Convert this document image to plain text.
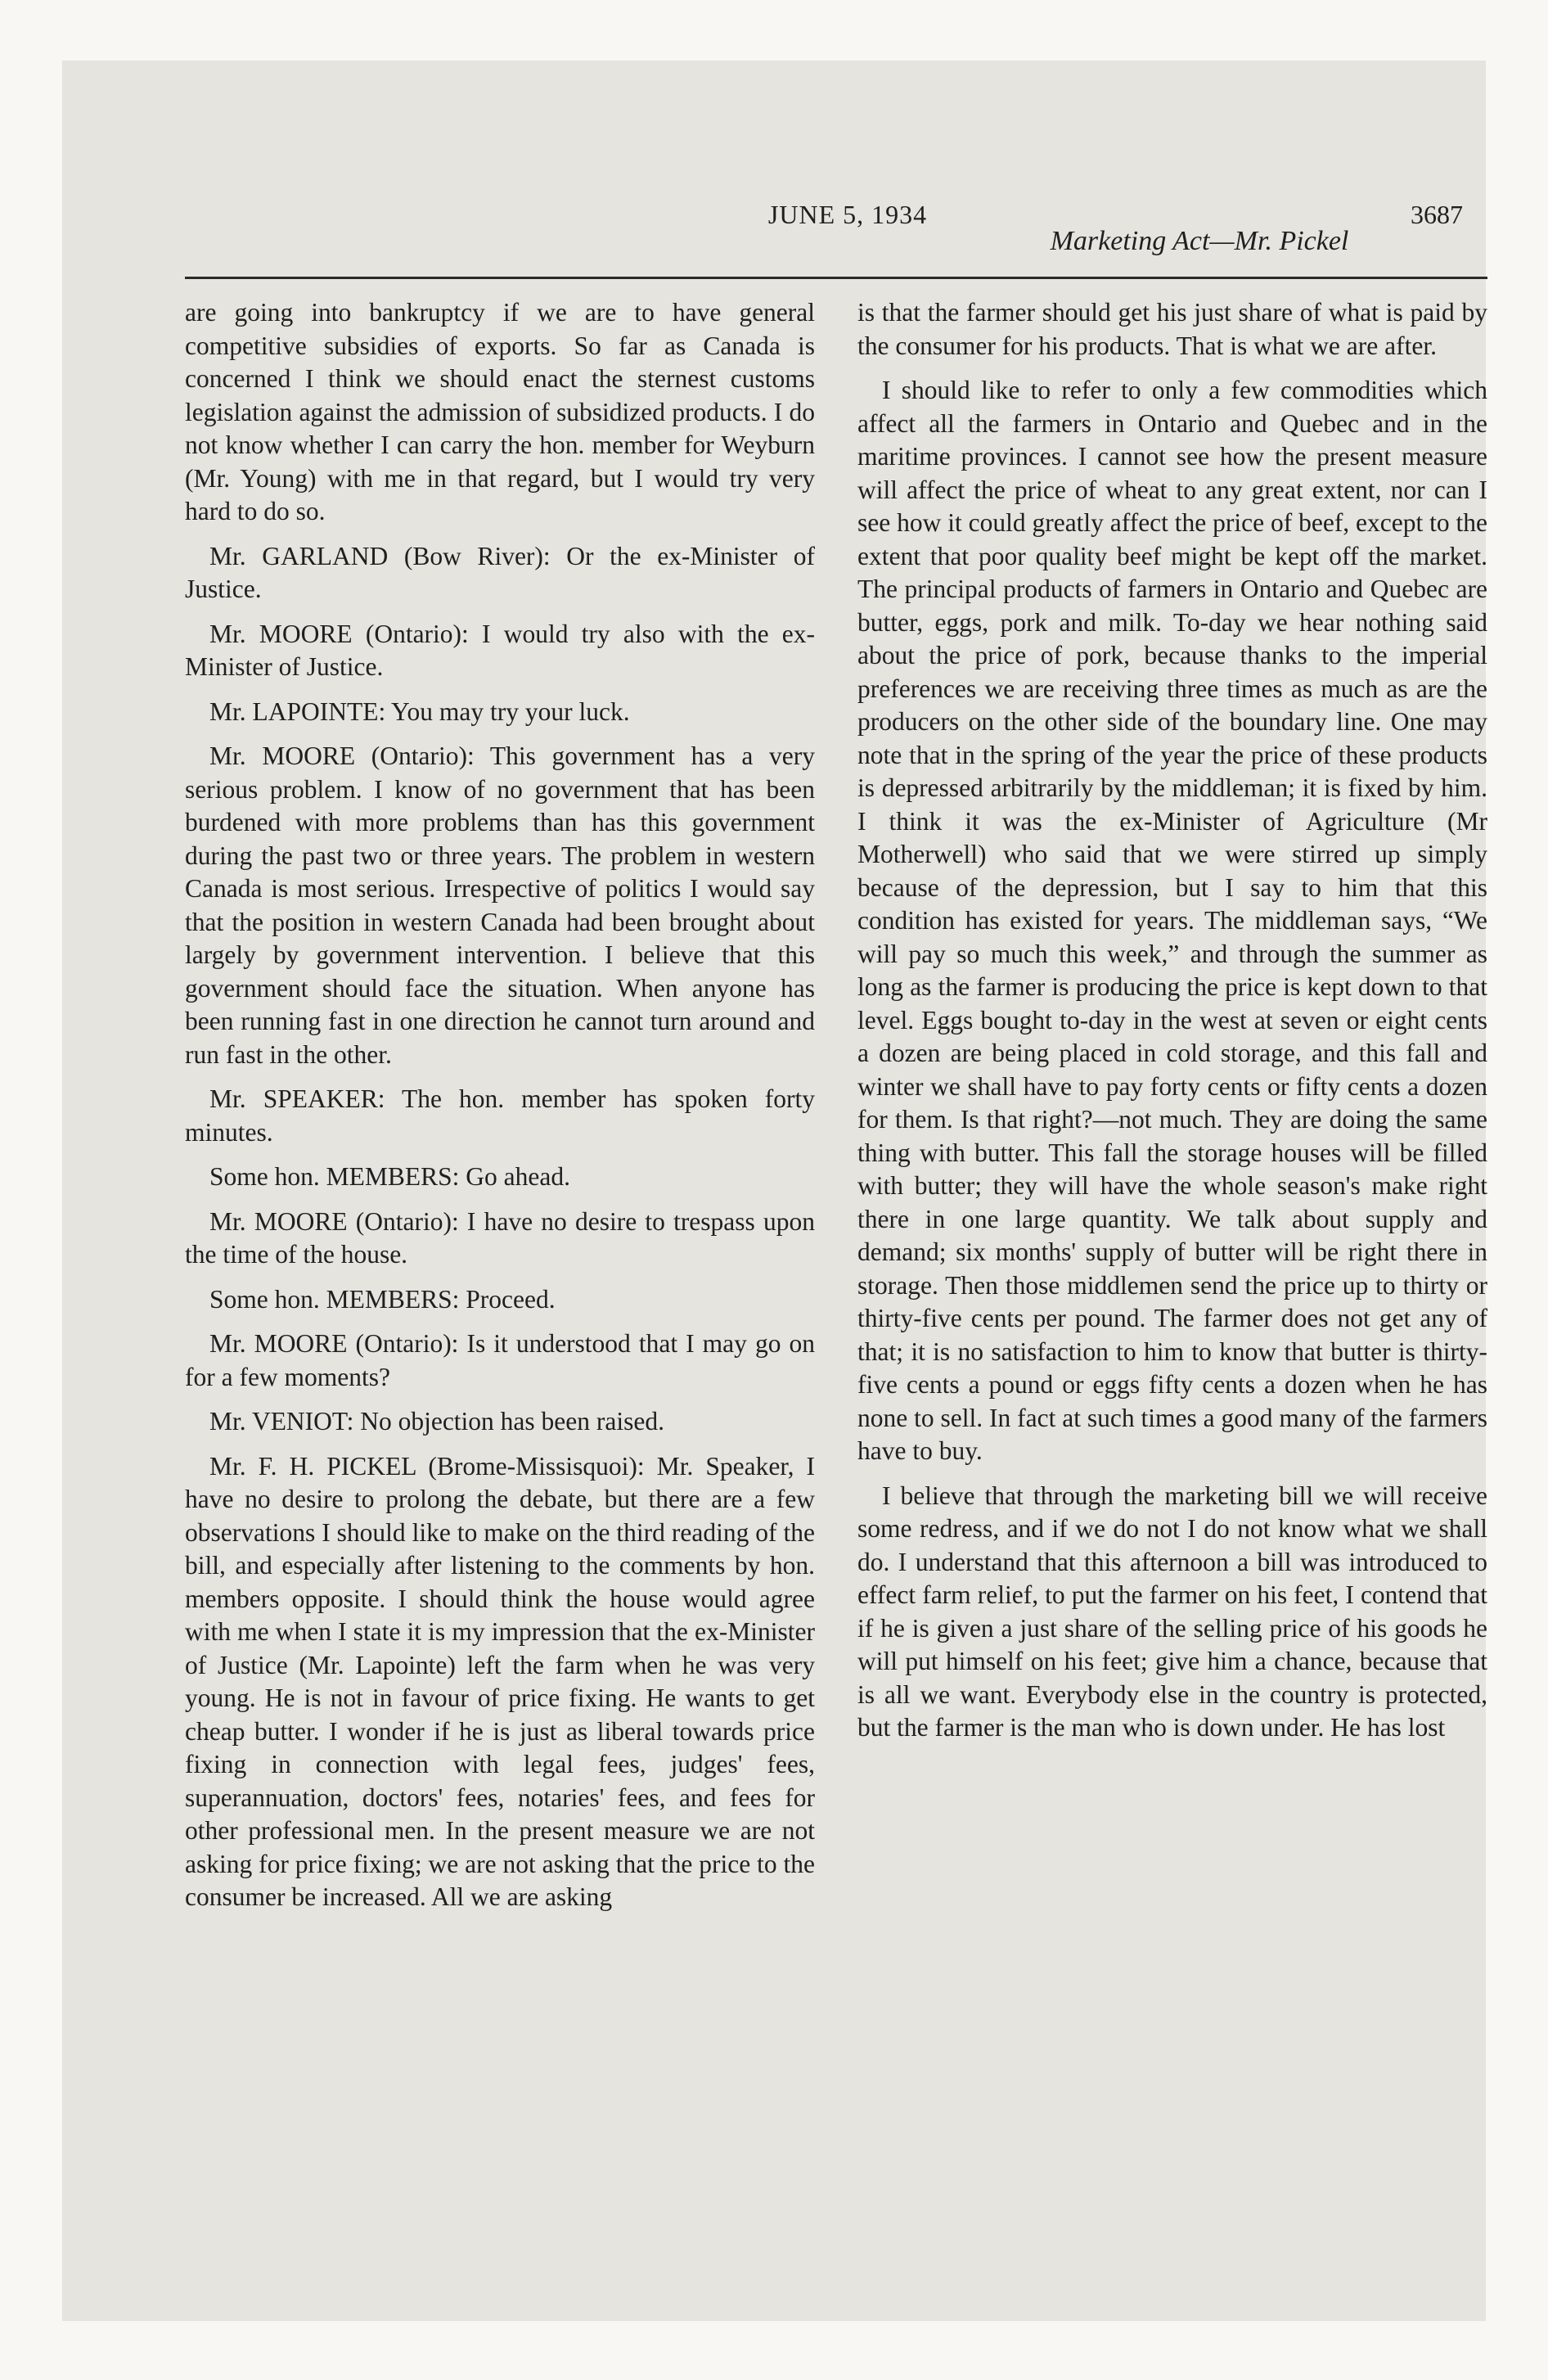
JUNE 5, 1934	3687
Marketing Act—Mr. Pickel

are going into bankruptcy if we are to have general competitive subsidies of exports. So far as Canada is concerned I think we should enact the sternest customs legislation against the admission of subsidized products. I do not know whether I can carry the hon. member for Weyburn (Mr. Young) with me in that regard, but I would try very hard to do so.

Mr. GARLAND (Bow River): Or the ex-Minister of Justice.

Mr. MOORE (Ontario): I would try also with the ex-Minister of Justice.

Mr. LAPOINTE: You may try your luck.

Mr. MOORE (Ontario): This government has a very serious problem. I know of no government that has been burdened with more problems than has this government during the past two or three years. The problem in western Canada is most serious. Irrespective of politics I would say that the position in western Canada had been brought about largely by government intervention. I believe that this government should face the situation. When anyone has been running fast in one direction he cannot turn around and run fast in the other.

Mr. SPEAKER: The hon. member has spoken forty minutes.

Some hon. MEMBERS: Go ahead.

Mr. MOORE (Ontario): I have no desire to trespass upon the time of the house.

Some hon. MEMBERS: Proceed.

Mr. MOORE (Ontario): Is it understood that I may go on for a few moments?

Mr. VENIOT: No objection has been raised.

Mr. F. H. PICKEL (Brome-Missisquoi): Mr. Speaker, I have no desire to prolong the debate, but there are a few observations I should like to make on the third reading of the bill, and especially after listening to the comments by hon. members opposite. I should think the house would agree with me when I state it is my impression that the ex-Minister of Justice (Mr. Lapointe) left the farm when he was very young. He is not in favour of price fixing. He wants to get cheap butter. I wonder if he is just as liberal towards price fixing in connection with legal fees, judges' fees, superannuation, doctors' fees, notaries' fees, and fees for other professional men. In the present measure we are not asking for price fixing; we are not asking that the price to the consumer be increased. All we are asking

is that the farmer should get his just share of what is paid by the consumer for his products. That is what we are after.

I should like to refer to only a few commodities which affect all the farmers in Ontario and Quebec and in the maritime provinces. I cannot see how the present measure will affect the price of wheat to any great extent, nor can I see how it could greatly affect the price of beef, except to the extent that poor quality beef might be kept off the market. The principal products of farmers in Ontario and Quebec are butter, eggs, pork and milk. To-day we hear nothing said about the price of pork, because thanks to the imperial preferences we are receiving three times as much as are the producers on the other side of the boundary line. One may note that in the spring of the year the price of these products is depressed arbitrarily by the middleman; it is fixed by him. I think it was the ex-Minister of Agriculture (Mr Motherwell) who said that we were stirred up simply because of the depression, but I say to him that this condition has existed for years. The middleman says, “We will pay so much this week,” and through the summer as long as the farmer is producing the price is kept down to that level. Eggs bought to-day in the west at seven or eight cents a dozen are being placed in cold storage, and this fall and winter we shall have to pay forty cents or fifty cents a dozen for them. Is that right?—not much. They are doing the same thing with butter. This fall the storage houses will be filled with butter; they will have the whole season's make right there in one large quantity. We talk about supply and demand; six months' supply of butter will be right there in storage. Then those middlemen send the price up to thirty or thirty-five cents per pound. The farmer does not get any of that; it is no satisfaction to him to know that butter is thirty-five cents a pound or eggs fifty cents a dozen when he has none to sell. In fact at such times a good many of the farmers have to buy.

I believe that through the marketing bill we will receive some redress, and if we do not I do not know what we shall do. I understand that this afternoon a bill was introduced to effect farm relief, to put the farmer on his feet, I contend that if he is given a just share of the selling price of his goods he will put himself on his feet; give him a chance, because that is all we want. Everybody else in the country is protected, but the farmer is the man who is down under. He has lost
